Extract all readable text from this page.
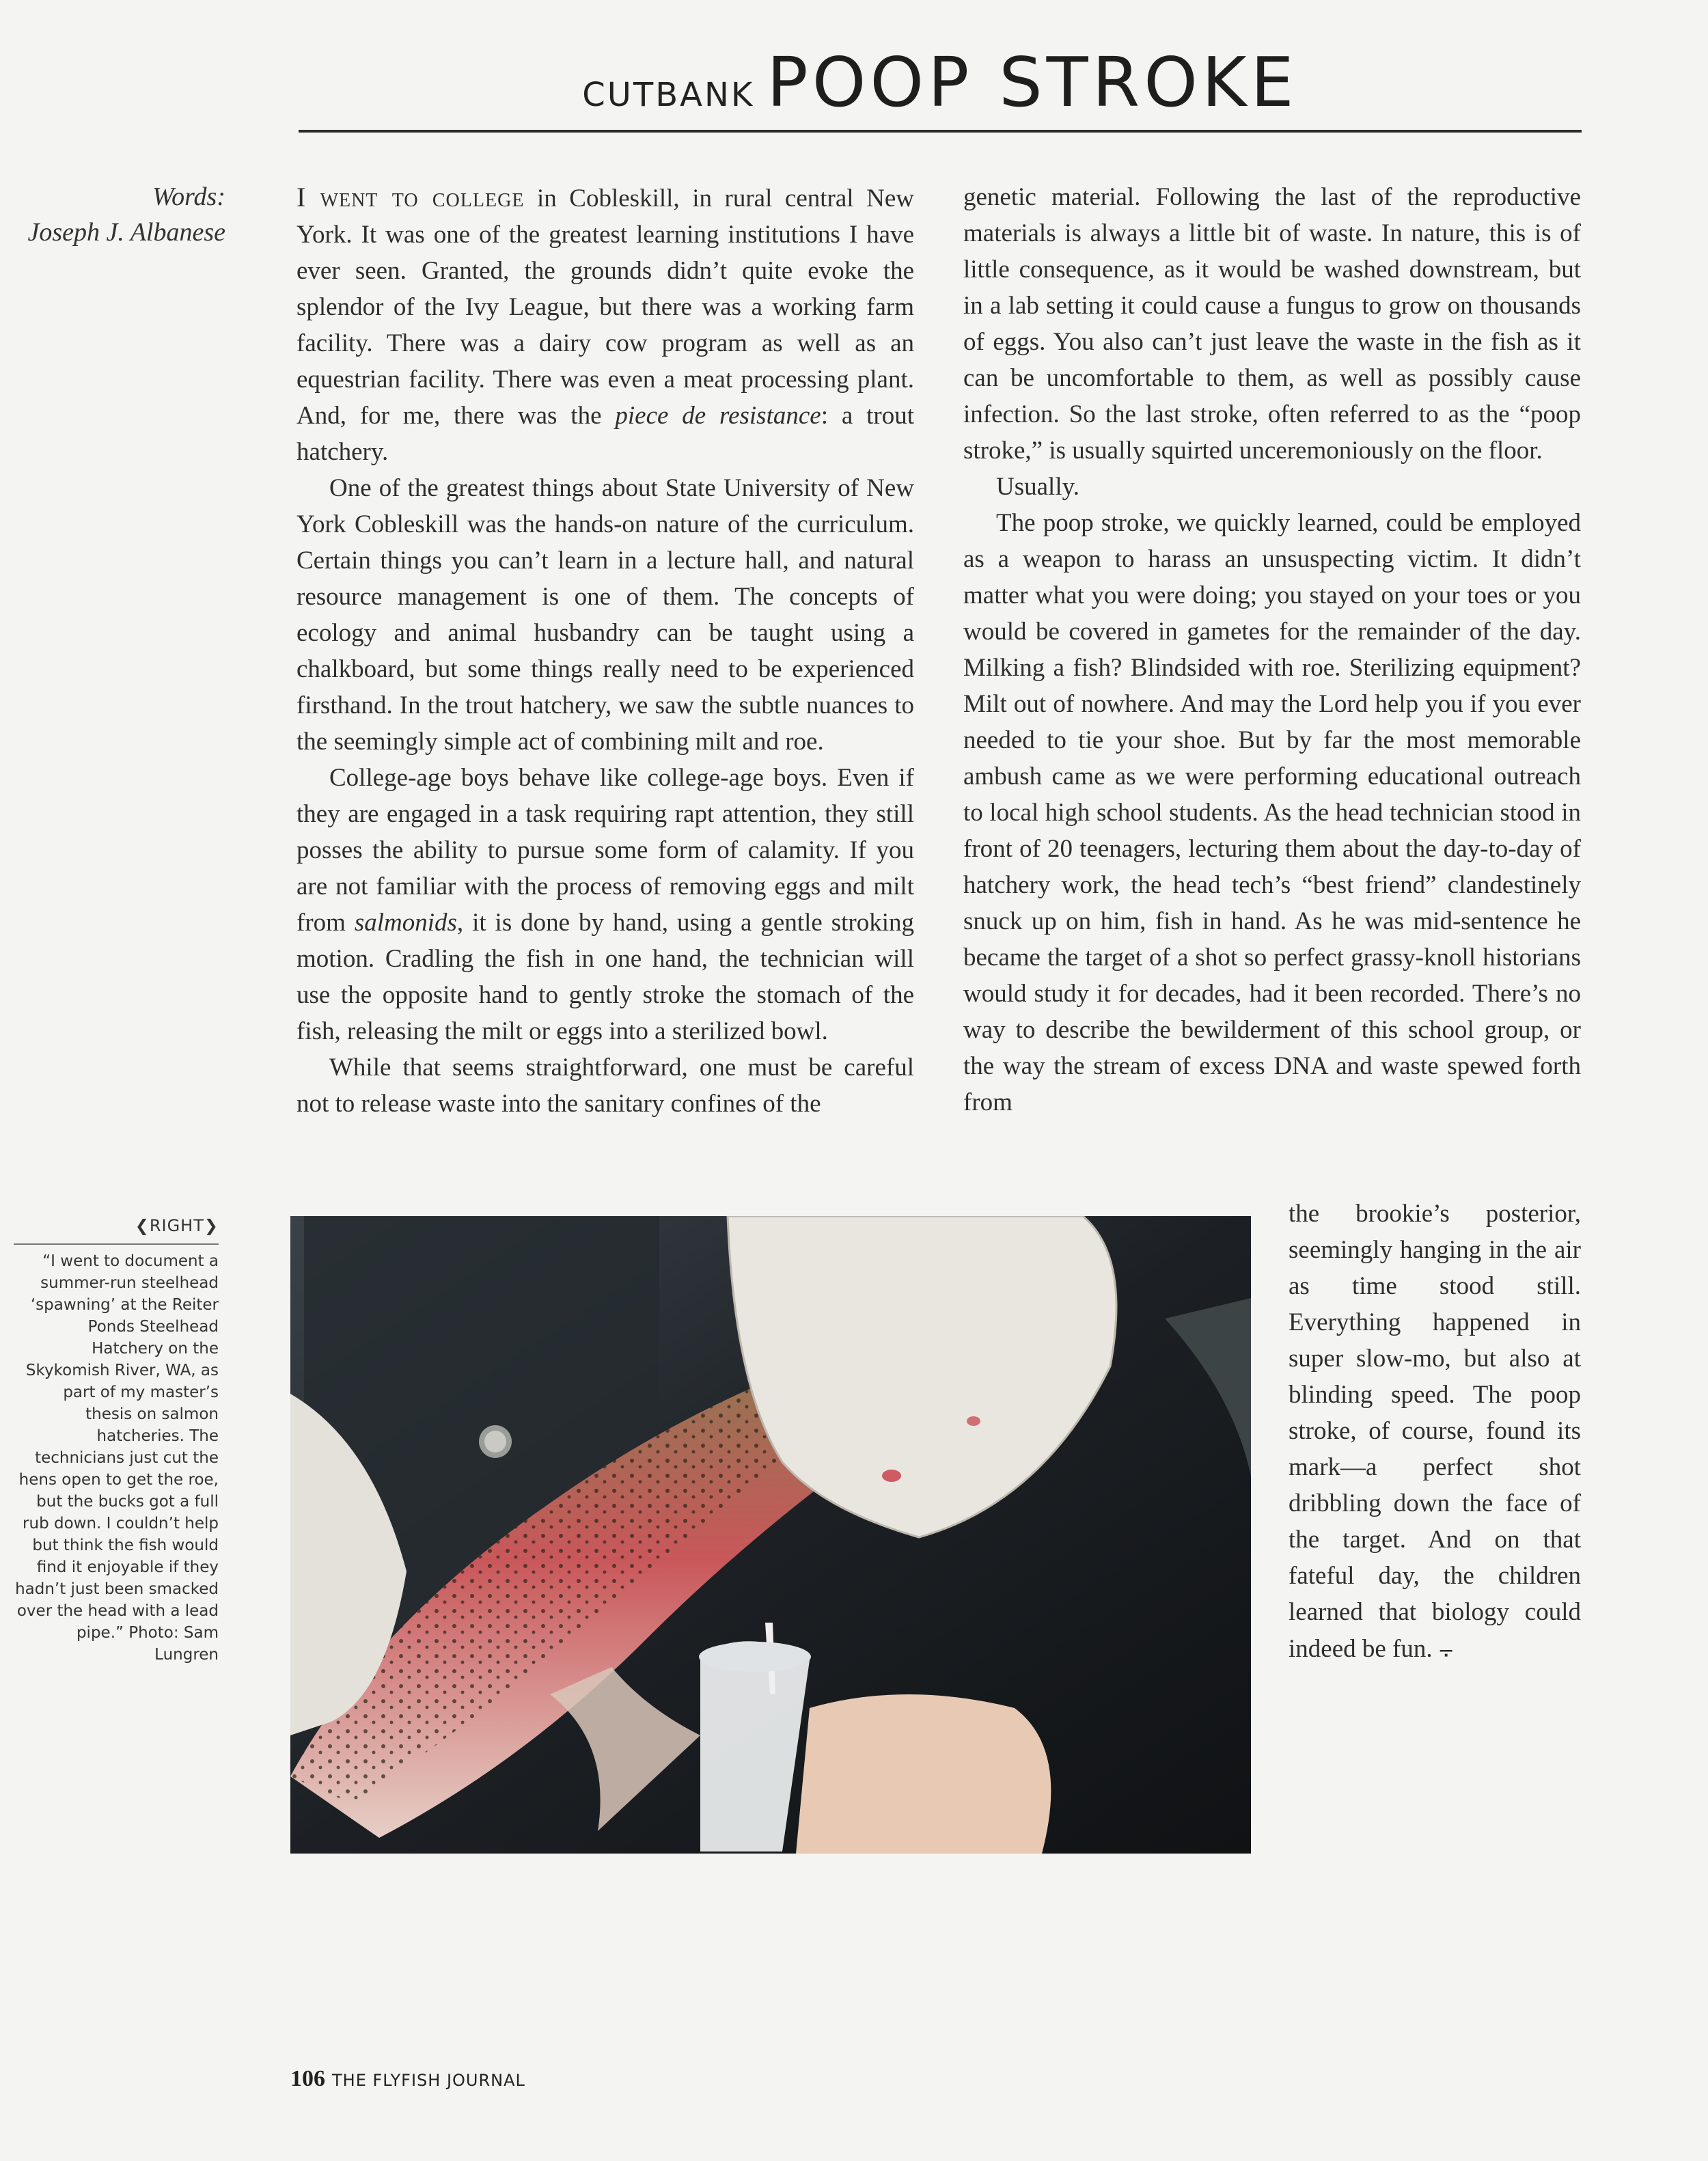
CUTBANK POOP STROKE
Words:
Joseph J. Albanese

I went to college in Cobleskill, in rural central New York. It was one of the greatest learning institutions I have ever seen. Granted, the grounds didn’t quite evoke the splendor of the Ivy League, but there was a working farm facility. There was a dairy cow program as well as an equestrian facility. There was even a meat processing plant. And, for me, there was the piece de resistance: a trout hatchery.

One of the greatest things about State University of New York Cobleskill was the hands-on nature of the curriculum. Certain things you can’t learn in a lecture hall, and natural resource management is one of them. The concepts of ecology and animal husbandry can be taught using a chalkboard, but some things really need to be experienced firsthand. In the trout hatchery, we saw the subtle nuances to the seemingly simple act of combining milt and roe.

College-age boys behave like college-age boys. Even if they are engaged in a task requiring rapt attention, they still posses the ability to pursue some form of calamity. If you are not familiar with the process of removing eggs and milt from salmonids, it is done by hand, using a gentle stroking motion. Cradling the fish in one hand, the technician will use the opposite hand to gently stroke the stomach of the fish, releasing the milt or eggs into a sterilized bowl.

While that seems straightforward, one must be careful not to release waste into the sanitary confines of the

genetic material. Following the last of the reproductive materials is always a little bit of waste. In nature, this is of little consequence, as it would be washed downstream, but in a lab setting it could cause a fungus to grow on thousands of eggs. You also can’t just leave the waste in the fish as it can be uncomfortable to them, as well as possibly cause infection. So the last stroke, often referred to as the “poop stroke,” is usually squirted unceremoniously on the floor.

Usually.

The poop stroke, we quickly learned, could be employed as a weapon to harass an unsuspecting victim. It didn’t matter what you were doing; you stayed on your toes or you would be covered in gametes for the remainder of the day. Milking a fish? Blindsided with roe. Sterilizing equipment? Milt out of nowhere. And may the Lord help you if you ever needed to tie your shoe. But by far the most memorable ambush came as we were performing educational outreach to local high school students. As the head technician stood in front of 20 teenagers, lecturing them about the day-to-day of hatchery work, the head tech’s “best friend” clandestinely snuck up on him, fish in hand. As he was mid-sentence he became the target of a shot so perfect grassy-knoll historians would study it for decades, had it been recorded. There’s no way to describe the bewilderment of this school group, or the way the stream of excess DNA and waste spewed forth from

the brookie’s posterior, seemingly hanging in the air as time stood still. Everything happened in super slow-mo, but also at blinding speed. The poop stroke, of course, found its mark—a perfect shot dribbling down the face of the target. And on that fateful day, the children learned that biology could indeed be fun. ⨪

❮RIGHT❯
“I went to document a summer-run steelhead ‘spawning’ at the Reiter Ponds Steelhead Hatchery on the Skykomish River, WA, as part of my master’s thesis on salmon hatcheries. The technicians just cut the hens open to get the roe, but the bucks got a full rub down. I couldn’t help but think the fish would find it enjoyable if they hadn’t just been smacked over the head with a lead pipe.” Photo: Sam Lungren
106 THE FLYFISH JOURNAL
